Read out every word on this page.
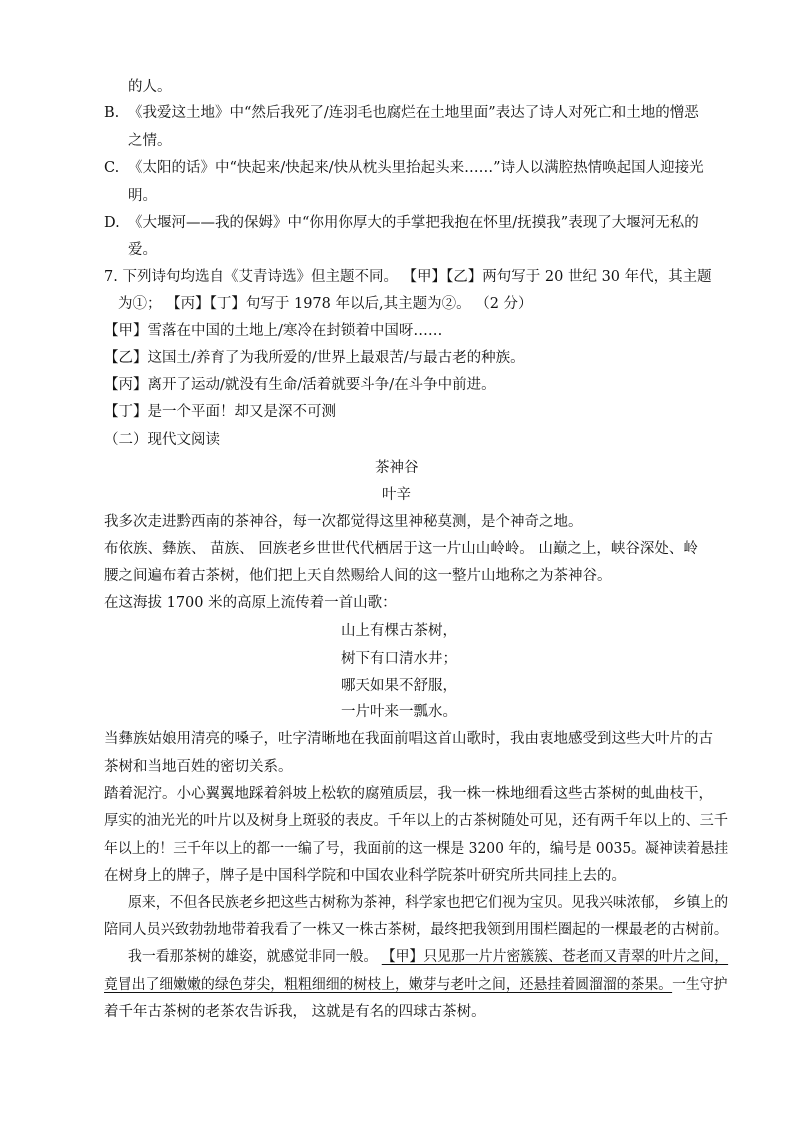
的人。
B. 《我爱这土地》中“然后我死了/连羽毛也腐烂在土地里面”表达了诗人对死亡和土地的憎恶
之情。
C. 《太阳的话》中“快起来/快起来/快从枕头里抬起头来……”诗人以满腔热情唤起国人迎接光
明。
D. 《大堰河——我的保姆》中“你用你厚大的手掌把我抱在怀里/抚摸我”表现了大堰河无私的
爱。
7. 下列诗句均选自《艾青诗选》但主题不同。 【甲】【乙】两句写于 20 世纪 30 年代，其主题
为①； 【丙】【丁】句写于 1978 年以后,其主题为②。 （2 分）
【甲】雪落在中国的土地上/寒冷在封锁着中国呀……
【乙】这国土/养育了为我所爱的/世界上最艰苦/与最古老的种族。
【丙】离开了运动/就没有生命/活着就要斗争/在斗争中前进。
【丁】是一个平面！却又是深不可测
（二）现代文阅读
茶神谷
叶辛
我多次走进黔西南的茶神谷，每一次都觉得这里神秘莫测，是个神奇之地。
布依族、彝族、 苗族、 回族老乡世世代代栖居于这一片山山岭岭。 山巅之上，峡谷深处、岭
腰之间遍布着古茶树，他们把上天自然赐给人间的这一整片山地称之为茶神谷。
在这海拔 1700 米的高原上流传着一首山歌：
山上有棵古茶树，
树下有口清水井；
哪天如果不舒服，
一片叶来一瓢水。
当彝族姑娘用清亮的嗓子，吐字清晰地在我面前唱这首山歌时，我由衷地感受到这些大叶片的古
茶树和当地百姓的密切关系。
踏着泥泞。小心翼翼地踩着斜坡上松软的腐殖质层，我一株一株地细看这些古茶树的虬曲枝干，
厚实的油光光的叶片以及树身上斑驳的表皮。千年以上的古茶树随处可见，还有两千年以上的、三千
年以上的！三千年以上的都一一编了号，我面前的这一棵是 3200 年的，编号是 0035。凝神读着悬挂
在树身上的牌子，牌子是中国科学院和中国农业科学院茶叶研究所共同挂上去的。
原来，不但各民族老乡把这些古树称为茶神，科学家也把它们视为宝贝。见我兴味浓郁， 乡镇上的
陪同人员兴致勃勃地带着我看了一株又一株古茶树，最终把我领到用围栏圈起的一棵最老的古树前。
我一看那茶树的雄姿，就感觉非同一般。 【甲】只见那一片片密簇簇、苍老而又青翠的叶片之间，
竟冒出了细嫩嫩的绿色芽尖，粗粗细细的树枝上，嫩芽与老叶之间，还悬挂着圆溜溜的茶果。一生守护
着千年古茶树的老茶农告诉我， 这就是有名的四球古茶树。
